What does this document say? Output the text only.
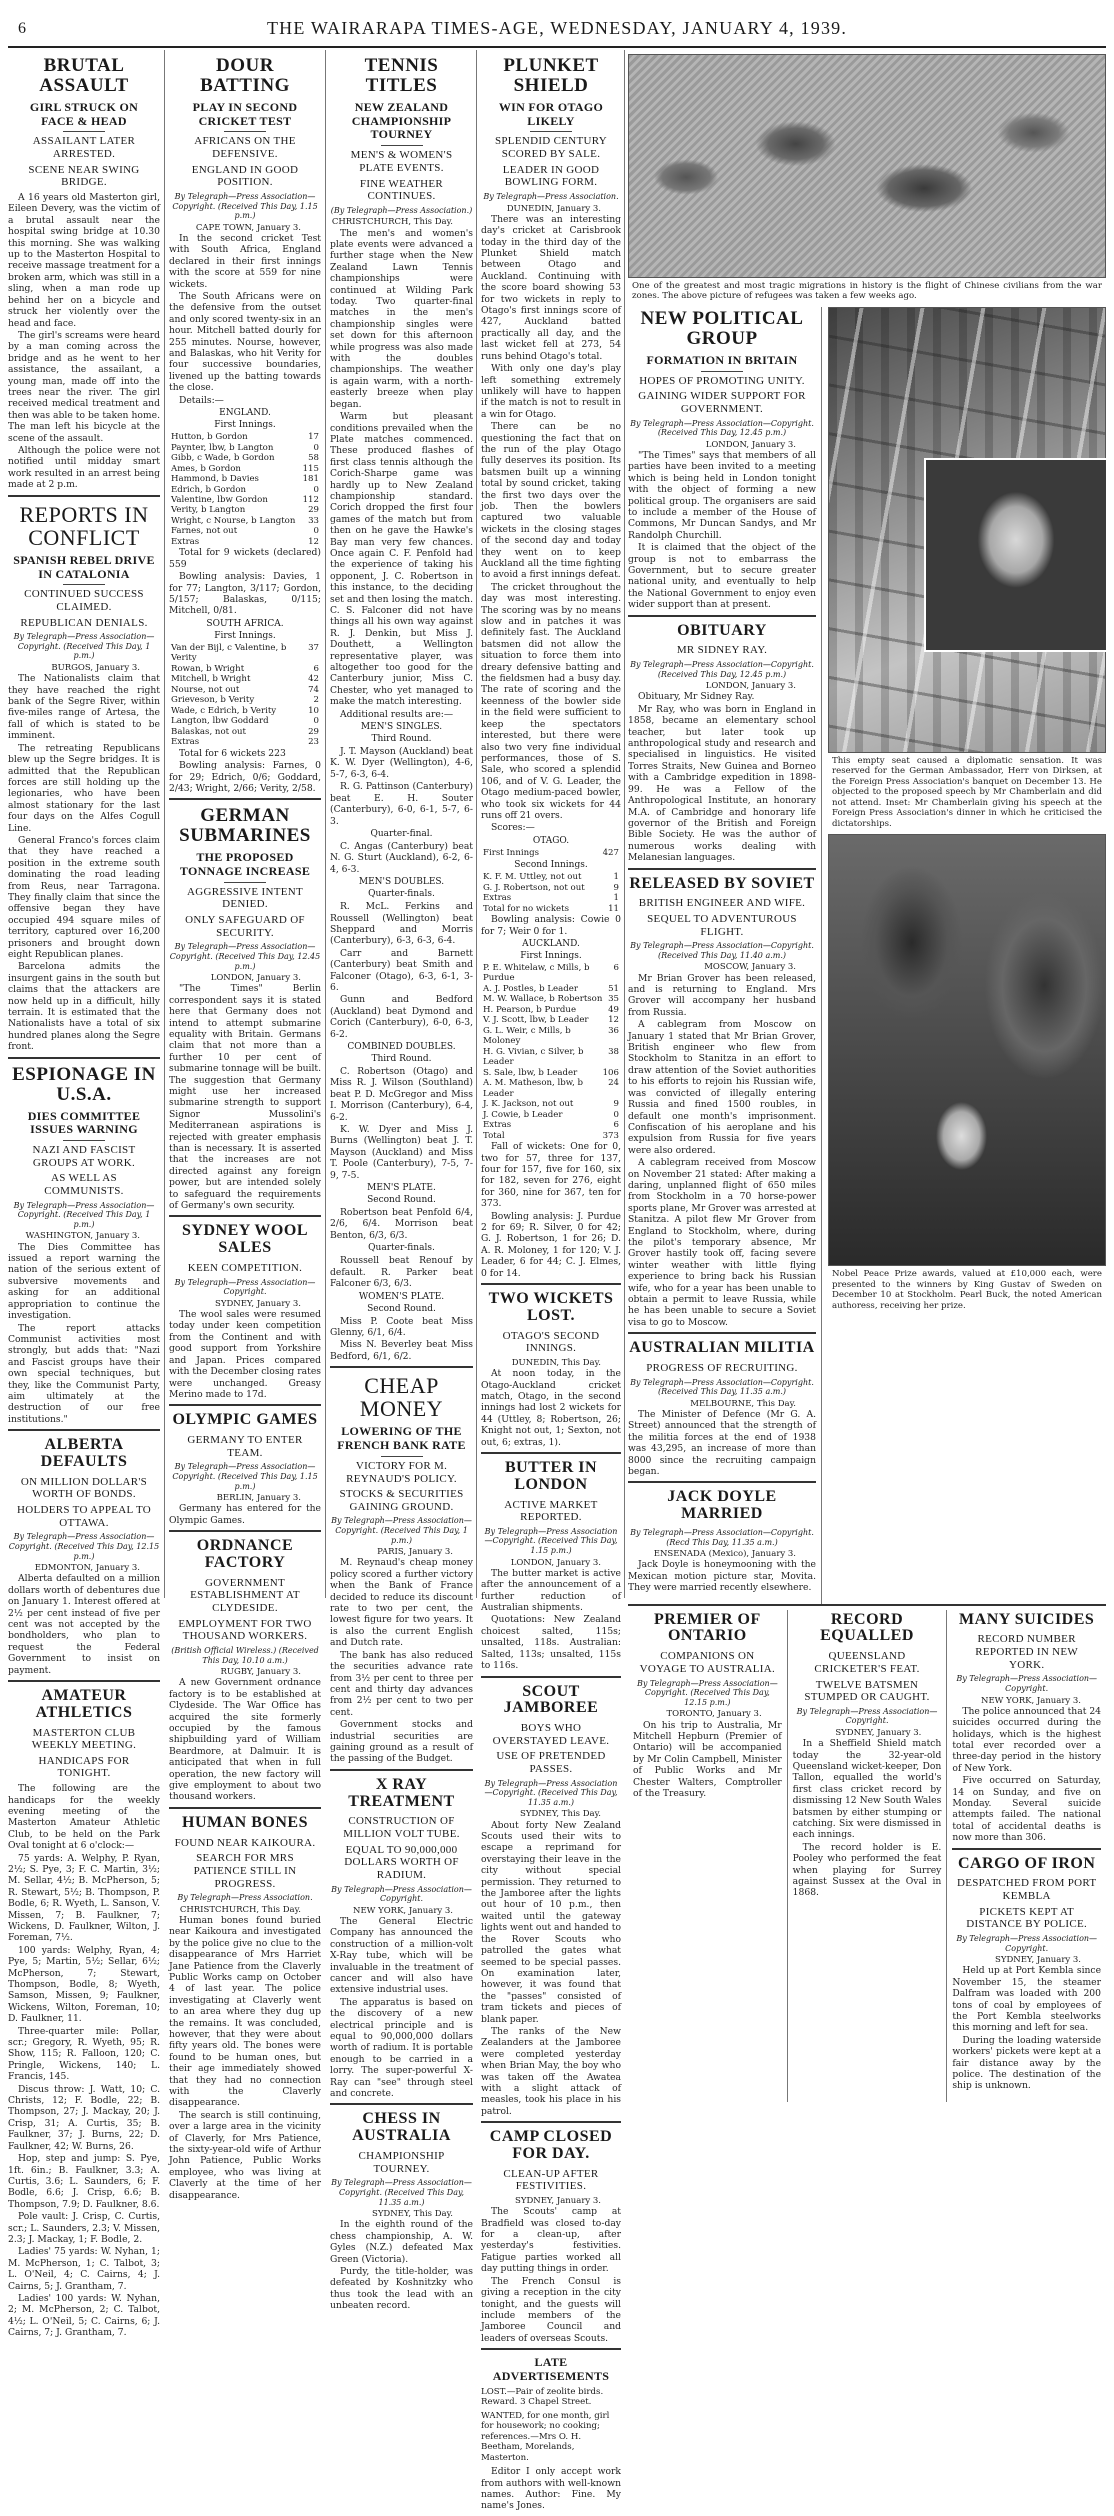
6	THE WAIRARAPA TIMES-AGE, WEDNESDAY, JANUARY 4, 1939.
BRUTAL ASSAULT
GIRL STRUCK ON FACE & HEAD
ASSAILANT LATER ARRESTED.
SCENE NEAR SWING BRIDGE.

A 16 years old Masterton girl, Eileen Devery, was the victim of a brutal assault near the hospital swing bridge at 10.30 this morning. She was walking up to the Masterton Hospital to receive massage treatment for a broken arm, which was still in a sling, when a man rode up behind her on a bicycle and struck her violently over the head and face.

The girl's screams were heard by a man coming across the bridge and as he went to her assistance, the assailant, a young man, made off into the trees near the river. The girl received medical treatment and then was able to be taken home. The man left his bicycle at the scene of the assault.

Although the police were not notified until midday smart work resulted in an arrest being made at 2 p.m.

REPORTS IN CONFLICT
SPANISH REBEL DRIVE IN CATALONIA
CONTINUED SUCCESS CLAIMED.
REPUBLICAN DENIALS.
By Telegraph—Press Association—Copyright. (Received This Day, 1 p.m.)
BURGOS, January 3.

The Nationalists claim that they have reached the right bank of the Segre River, within five-miles range of Artesa, the fall of which is stated to be imminent.

The retreating Republicans blew up the Segre bridges. It is admitted that the Republican forces are still holding up the legionaries, who have been almost stationary for the last four days on the Alfes Cogull Line.

General Franco's forces claim that they have reached a position in the extreme south dominating the road leading from Reus, near Tarragona. They finally claim that since the offensive began they have occupied 494 square miles of territory, captured over 16,200 prisoners and brought down eight Republican planes.

Barcelona admits the insurgent gains in the south but claims that the attackers are now held up in a difficult, hilly terrain. It is estimated that the Nationalists have a total of six hundred planes along the Segre front.

ESPIONAGE IN U.S.A.
DIES COMMITTEE ISSUES WARNING
NAZI AND FASCIST GROUPS AT WORK.
AS WELL AS COMMUNISTS.
By Telegraph—Press Association—Copyright. (Received This Day, 1 p.m.)
WASHINGTON, January 3.

The Dies Committee has issued a report warning the nation of the serious extent of subversive movements and asking for an additional appropriation to continue the investigation.

The report attacks Communist activities most strongly, but adds that: "Nazi and Fascist groups have their own special techniques, but they, like the Communist Party, aim ultimately at the destruction of our free institutions."

ALBERTA DEFAULTS
ON MILLION DOLLAR'S WORTH OF BONDS.
HOLDERS TO APPEAL TO OTTAWA.
By Telegraph—Press Association—Copyright. (Received This Day, 12.15 p.m.)
EDMONTON, January 3.

Alberta defaulted on a million dollars worth of debentures due on January 1. Interest offered at 2½ per cent instead of five per cent was not accepted by the bondholders, who plan to request the Federal Government to insist on payment.

AMATEUR ATHLETICS
MASTERTON CLUB WEEKLY MEETING.
HANDICAPS FOR TONIGHT.

The following are the handicaps for the weekly evening meeting of the Masterton Amateur Athletic Club, to be held on the Park Oval tonight at 6 o'clock:—

75 yards: A. Welphy, P. Ryan, 2½; S. Pye, 3; F. C. Martin, 3½; M. Sellar, 4½; B. McPherson, 5; R. Stewart, 5½; B. Thompson, P. Bodle, 6; R. Wyeth, L. Sanson, V. Missen, 7; B. Faulkner, 7; Wickens, D. Faulkner, Wilton, J. Foreman, 7½.

100 yards: Welphy, Ryan, 4; Pye, 5; Martin, 5½; Sellar, 6½; McPherson, 7; Stewart, Thompson, Bodle, 8; Wyeth, Samson, Missen, 9; Faulkner, Wickens, Wilton, Foreman, 10; D. Faulkner, 11.

Three-quarter mile: Pollar, scr.; Gregory, R. Wyeth, 95; R. Show, 115; R. Falloon, 120; C. Pringle, Wickens, 140; L. Francis, 145.

Discus throw: J. Watt, 10; C. Christs, 12; F. Bodle, 22; B. Thompson, 27; J. Mackay, 20; J. Crisp, 31; A. Curtis, 35; B. Faulkner, 37; J. Burns, 22; D. Faulkner, 42; W. Burns, 26.

Hop, step and jump: S. Pye, 1ft. 6in.; B. Faulkner, 3.3; A. Curtis, 3.6; L. Saunders, 6; F. Bodle, 6.6; J. Crisp, 6.6; B. Thompson, 7.9; D. Faulkner, 8.6.

Pole vault: J. Crisp, C. Curtis, scr.; L. Saunders, 2.3; V. Missen, 2.3; J. Mackay, 1; F. Bodle, 2.

Ladies' 75 yards: W. Nyhan, 1; M. McPherson, 1; C. Talbot, 3; L. O'Neil, 4; C. Cairns, 4; J. Cairns, 5; J. Grantham, 7.

Ladies' 100 yards: W. Nyhan, 2; M. McPherson, 2; C. Talbot, 4½; L. O'Neil, 5; C. Cairns, 6; J. Cairns, 7; J. Grantham, 7.

DOUR BATTING
PLAY IN SECOND CRICKET TEST
AFRICANS ON THE DEFENSIVE.
ENGLAND IN GOOD POSITION.
By Telegraph—Press Association—Copyright. (Received This Day, 1.15 p.m.)
CAPE TOWN, January 3.

In the second cricket Test with South Africa, England declared in their first innings with the score at 559 for nine wickets.

The South Africans were on the defensive from the outset and only scored twenty-six in an hour. Mitchell batted dourly for 255 minutes. Nourse, however, and Balaskas, who hit Verity for four successive boundaries, livened up the batting towards the close.

Details:—

ENGLAND.
First Innings.
Hutton, b Gordon	17
Paynter, lbw, b Langton	0
Gibb, c Wade, b Gordon	58
Ames, b Gordon	115
Hammond, b Davies	181
Edrich, b Gordon	0
Valentine, lbw Gordon	112
Verity, b Langton	29
Wright, c Nourse, b Langton 33
Farnes, not out	0
Extras	12

Total for 9 wickets (declared) 559

Bowling analysis: Davies, 1 for 77; Langton, 3/117; Gordon, 5/157; Balaskas, 0/115; Mitchell, 0/81.

SOUTH AFRICA.
First Innings.
Van der Bijl, c Valentine, b Verity
37
Rowan, b Wright	6
Mitchell, b Wright	42
Nourse, not out	74
Grieveson, b Verity	2
Wade, c Edrich, b Verity	10
Langton, lbw Goddard	0
Balaskas, not out	29
Extras	23

Total for 6 wickets 223

Bowling analysis: Farnes, 0 for 29; Edrich, 0/6; Goddard, 2/43; Wright, 2/66; Verity, 2/58.

GERMAN SUBMARINES
THE PROPOSED TONNAGE INCREASE
AGGRESSIVE INTENT DENIED.
ONLY SAFEGUARD OF SECURITY.
By Telegraph—Press Association—Copyright. (Received This Day, 12.45 p.m.)
LONDON, January 3.

"The Times" Berlin correspondent says it is stated here that Germany does not intend to attempt submarine equality with Britain. Germans claim that not more than a further 10 per cent of submarine tonnage will be built. The suggestion that Germany might use her increased submarine strength to support Signor Mussolini's Mediterranean aspirations is rejected with greater emphasis than is necessary. It is asserted that the increases are not directed against any foreign power, but are intended solely to safeguard the requirements of Germany's own security.

SYDNEY WOOL SALES
KEEN COMPETITION.
By Telegraph—Press Association—Copyright.
SYDNEY, January 3.

The wool sales were resumed today under keen competition from the Continent and with good support from Yorkshire and Japan. Prices compared with the December closing rates were unchanged. Greasy Merino made to 17d.

OLYMPIC GAMES
GERMANY TO ENTER TEAM.
By Telegraph—Press Association—Copyright. (Received This Day, 1.15 p.m.)
BERLIN, January 3.

Germany has entered for the Olympic Games.

ORDNANCE FACTORY
GOVERNMENT ESTABLISHMENT AT CLYDESIDE.
EMPLOYMENT FOR TWO THOUSAND WORKERS.
(British Official Wireless.) (Received This Day, 10.10 a.m.)
RUGBY, January 3.

A new Government ordnance factory is to be established at Clydeside. The War Office has acquired the site formerly occupied by the famous shipbuilding yard of William Beardmore, at Dalmuir. It is anticipated that when in full operation, the new factory will give employment to about two thousand workers.

HUMAN BONES
FOUND NEAR KAIKOURA.
SEARCH FOR MRS PATIENCE STILL IN PROGRESS.
By Telegraph—Press Association.
CHRISTCHURCH, This Day.

Human bones found buried near Kaikoura and investigated by the police give no clue to the disappearance of Mrs Harriet Jane Patience from the Claverly Public Works camp on October 4 of last year. The police investigating at Claverly went to an area where they dug up the remains. It was concluded, however, that they were about fifty years old. The bones were found to be human ones, but their age immediately showed that they had no connection with the Claverly disappearance.

The search is still continuing, over a large area in the vicinity of Claverly, for Mrs Patience, the sixty-year-old wife of Arthur John Patience, Public Works employee, who was living at Claverly at the time of her disappearance.

TENNIS TITLES
NEW ZEALAND CHAMPIONSHIP TOURNEY
MEN'S & WOMEN'S PLATE EVENTS.
FINE WEATHER CONTINUES.
(By Telegraph—Press Association.)
CHRISTCHURCH, This Day.

The men's and women's plate events were advanced a further stage when the New Zealand Lawn Tennis championships were continued at Wilding Park today. Two quarter-final matches in the men's championship singles were set down for this afternoon while progress was also made with the doubles championships. The weather is again warm, with a north-easterly breeze when play began.

Warm but pleasant conditions prevailed when the Plate matches commenced. These produced flashes of first class tennis although the Corich-Sharpe game was hardly up to New Zealand championship standard. Corich dropped the first four games of the match but from then on he gave the Hawke's Bay man very few chances. Once again C. F. Penfold had the experience of taking his opponent, J. C. Robertson in this instance, to the deciding set and then losing the match. C. S. Falconer did not have things all his own way against R. J. Denkin, but Miss J. Douthett, a Wellington representative player, was altogether too good for the Canterbury junior, Miss C. Chester, who yet managed to make the match interesting.

Additional results are:—

MEN'S SINGLES.
Third Round.

J. T. Mayson (Auckland) beat K. W. Dyer (Wellington), 4-6, 5-7, 6-3, 6-4.

R. G. Pattinson (Canterbury) beat E. H. Souter (Canterbury), 6-0, 6-1, 5-7, 6-3.

Quarter-final.

C. Angas (Canterbury) beat N. G. Sturt (Auckland), 6-2, 6-4, 6-3.

MEN'S DOUBLES.
Quarter-finals.

R. McL. Ferkins and Roussell (Wellington) beat Sheppard and Morris (Canterbury), 6-3, 6-3, 6-4.

Carr and Barnett (Canterbury) beat Smith and Falconer (Otago), 6-3, 6-1, 3-6.

Gunn and Bedford (Auckland) beat Dymond and Corich (Canterbury), 6-0, 6-3, 6-2.

COMBINED DOUBLES.
Third Round.

C. Robertson (Otago) and Miss R. J. Wilson (Southland) beat P. D. McGregor and Miss I. Morrison (Canterbury), 6-4, 6-2.

K. W. Dyer and Miss J. Burns (Wellington) beat J. T. Mayson (Auckland) and Miss T. Poole (Canterbury), 7-5, 7-9, 7-5.

MEN'S PLATE.
Second Round.

Robertson beat Penfold 6/4, 2/6, 6/4. Morrison beat Benton, 6/3, 6/3.

Quarter-finals.

Roussell beat Renouf by default. R. Parker beat Falconer 6/3, 6/3.

WOMEN'S PLATE.
Second Round.

Miss P. Coote beat Miss Glenny, 6/1, 6/4.

Miss N. Beverley beat Miss Bedford, 6/1, 6/2.

CHEAP MONEY
LOWERING OF THE FRENCH BANK RATE
VICTORY FOR M. REYNAUD'S POLICY.
STOCKS & SECURITIES GAINING GROUND.
By Telegraph—Press Association—Copyright. (Received This Day, 1 p.m.)
PARIS, January 3.

M. Reynaud's cheap money policy scored a further victory when the Bank of France decided to reduce its discount rate to two per cent, the lowest figure for two years. It is also the current English and Dutch rate.

The bank has also reduced the securities advance rate from 3½ per cent to three per cent and thirty day advances from 2½ per cent to two per cent.

Government stocks and industrial securities are gaining ground as a result of the passing of the Budget.

X RAY TREATMENT
CONSTRUCTION OF MILLION VOLT TUBE.
EQUAL TO 90,000,000 DOLLARS WORTH OF RADIUM.
By Telegraph—Press Association—Copyright.
NEW YORK, January 3.

The General Electric Company has announced the construction of a million-volt X-Ray tube, which will be invaluable in the treatment of cancer and will also have extensive industrial uses.

The apparatus is based on the discovery of a new electrical principle and is equal to 90,000,000 dollars worth of radium. It is portable enough to be carried in a lorry. The super-powerful X-Ray can "see" through steel and concrete.

CHESS IN AUSTRALIA
CHAMPIONSHIP TOURNEY.
By Telegraph—Press Association—Copyright. (Received This Day, 11.35 a.m.)
SYDNEY, This Day.

In the eighth round of the chess championship, A. W. Gyles (N.Z.) defeated Max Green (Victoria).

Purdy, the title-holder, was defeated by Koshnitzky who thus took the lead with an unbeaten record.

PLUNKET SHIELD
WIN FOR OTAGO LIKELY
SPLENDID CENTURY SCORED BY SALE.
LEADER IN GOOD BOWLING FORM.
By Telegraph—Press Association.
DUNEDIN, January 3.

There was an interesting day's cricket at Carisbrook today in the third day of the Plunket Shield match between Otago and Auckland. Continuing with the score board showing 53 for two wickets in reply to Otago's first innings score of 427, Auckland batted practically all day, and the last wicket fell at 273, 54 runs behind Otago's total.

With only one day's play left something extremely unlikely will have to happen if the match is not to result in a win for Otago.

There can be no questioning the fact that on the run of the play Otago fully deserves its position. Its batsmen built up a winning total by sound cricket, taking the first two days over the job. Then the bowlers captured two valuable wickets in the closing stages of the second day and today they went on to keep Auckland all the time fighting to avoid a first innings defeat.

The cricket throughout the day was most interesting. The scoring was by no means slow and in patches it was definitely fast. The Auckland batsmen did not allow the situation to force them into dreary defensive batting and the fieldsmen had a busy day. The rate of scoring and the keenness of the bowler side in the field were sufficient to keep the spectators interested, but there were also two very fine individual performances, those of S. Sale, who scored a splendid 106, and of V. G. Leader, the Otago medium-paced bowler, who took six wickets for 44 runs off 21 overs.

Scores:—

OTAGO.
First Innings	427
Second Innings.
K. F. M. Uttley, not out	1
G. J. Robertson, not out	9
Extras	1
Total for no wickets	11

Bowling analysis: Cowie 0 for 7; Weir 0 for 1.

AUCKLAND.
First Innings.
P. E. Whitelaw, c Mills, b Purdue
6
A. J. Postles, b Leader	51
M. W. Wallace, b Robertson 35
H. Pearson, b Purdue	49
V. J. Scott, lbw, b Leader 12
G. L. Weir, c Mills, b Moloney
36
H. G. Vivian, c Silver, b Leader
38
S. Sale, lbw, b Leader	106
A. M. Matheson, lbw, b Leader
24
J. K. Jackson, not out	9
J. Cowie, b Leader	0
Extras	6
Total	373

Fall of wickets: One for 0, two for 57, three for 137, four for 157, five for 160, six for 182, seven for 276, eight for 360, nine for 367, ten for 373.

Bowling analysis: J. Purdue 2 for 69; R. Silver, 0 for 42; G. J. Robertson, 1 for 26; D. A. R. Moloney, 1 for 120; V. J. Leader, 6 for 44; C. J. Elmes, 0 for 14.

TWO WICKETS LOST.
OTAGO'S SECOND INNINGS.
DUNEDIN, This Day.

At noon today, in the Otago-Auckland cricket match, Otago, in the second innings had lost 2 wickets for 44 (Uttley, 8; Robertson, 26; Knight not out, 1; Sexton, not out, 6; extras, 1).

BUTTER IN LONDON
ACTIVE MARKET REPORTED.
By Telegraph—Press Association—Copyright. (Received This Day, 1.15 p.m.)
LONDON, January 3.

The butter market is active after the announcement of a further reduction of Australian shipments.

Quotations: New Zealand choicest salted, 115s; unsalted, 118s. Australian: Salted, 113s; unsalted, 115s to 116s.

SCOUT JAMBOREE
BOYS WHO OVERSTAYED LEAVE.
USE OF PRETENDED PASSES.
By Telegraph—Press Association—Copyright. (Received This Day, 11.35 a.m.)
SYDNEY, This Day.

About forty New Zealand Scouts used their wits to escape a reprimand for overstaying their leave in the city without special permission. They returned to the Jamboree after the lights out hour of 10 p.m., then waited until the gateway lights went out and handed to the Rover Scouts who patrolled the gates what seemed to be special passes. On examination later, however, it was found that the "passes" consisted of tram tickets and pieces of blank paper.

The ranks of the New Zealanders at the Jamboree were completed yesterday when Brian May, the boy who was taken off the Awatea with a slight attack of measles, took his place in his patrol.

CAMP CLOSED FOR DAY.
CLEAN-UP AFTER FESTIVITIES.
SYDNEY, January 3.

The Scouts' camp at Bradfield was closed to-day for a clean-up, after yesterday's festivities. Fatigue parties worked all day putting things in order.

The French Consul is giving a reception in the city tonight, and the guests will include members of the Jamboree Council and leaders of overseas Scouts.

LATE ADVERTISEMENTS

LOST.—Pair of zeolite birds. Reward. 3 Chapel Street.

WANTED, for one month, girl for housework; no cooking; references.—Mrs O. H. Beetham, Morelands, Masterton.

Editor I only accept work from authors with well-known names. Author: Fine. My name's Jones.

One of the greatest and most tragic migrations in history is the flight of Chinese civilians from the war zones. The above picture of refugees was taken a few weeks ago.
NEW POLITICAL GROUP
FORMATION IN BRITAIN
HOPES OF PROMOTING UNITY.
GAINING WIDER SUPPORT FOR GOVERNMENT.
By Telegraph—Press Association—Copyright. (Received This Day, 12.45 p.m.)
LONDON, January 3.

"The Times" says that members of all parties have been invited to a meeting which is being held in London tonight with the object of forming a new political group. The organisers are said to include a member of the House of Commons, Mr Duncan Sandys, and Mr Randolph Churchill.

It is claimed that the object of the group is not to embarrass the Government, but to secure greater national unity, and eventually to help the National Government to enjoy even wider support than at present.

OBITUARY
MR SIDNEY RAY.
By Telegraph—Press Association—Copyright. (Received This Day, 12.45 p.m.)
LONDON, January 3.

Obituary, Mr Sidney Ray.

Mr Ray, who was born in England in 1858, became an elementary school teacher, but later took up anthropological study and research and specialised in linguistics. He visited Torres Straits, New Guinea and Borneo with a Cambridge expedition in 1898-99. He was a Fellow of the Anthropological Institute, an honorary M.A. of Cambridge and honorary life governor of the British and Foreign Bible Society. He was the author of numerous works dealing with Melanesian languages.

RELEASED BY SOVIET
BRITISH ENGINEER AND WIFE.
SEQUEL TO ADVENTUROUS FLIGHT.
By Telegraph—Press Association—Copyright. (Received This Day, 11.40 a.m.)
MOSCOW, January 3.

Mr Brian Grover has been released, and is returning to England. Mrs Grover will accompany her husband from Russia.

A cablegram from Moscow on January 1 stated that Mr Brian Grover, British engineer who flew from Stockholm to Stanitza in an effort to draw attention of the Soviet authorities to his efforts to rejoin his Russian wife, was convicted of illegally entering Russia and fined 1500 roubles, in default one month's imprisonment. Confiscation of his aeroplane and his expulsion from Russia for five years were also ordered.

A cablegram received from Moscow on November 21 stated: After making a daring, unplanned flight of 650 miles from Stockholm in a 70 horse-power sports plane, Mr Grover was arrested at Stanitza. A pilot flew Mr Grover from England to Stockholm, where, during the pilot's temporary absence, Mr Grover hastily took off, facing severe winter weather with little flying experience to bring back his Russian wife, who for a year has been unable to obtain a permit to leave Russia, while he has been unable to secure a Soviet visa to go to Moscow.

AUSTRALIAN MILITIA
PROGRESS OF RECRUITING.
By Telegraph—Press Association—Copyright. (Received This Day, 11.35 a.m.)
MELBOURNE, This Day.

The Minister of Defence (Mr G. A. Street) announced that the strength of the militia forces at the end of 1938 was 43,295, an increase of more than 8000 since the recruiting campaign began.

JACK DOYLE MARRIED
By Telegraph—Press Association—Copyright. (Recd This Day, 11.35 a.m.)
ENSENADA (Mexico), January 3.

Jack Doyle is honeymooning with the Mexican motion picture star, Movita. They were married recently elsewhere.

This empty seat caused a diplomatic sensation. It was reserved for the German Ambassador, Herr von Dirksen, at the Foreign Press Association's banquet on December 13. He objected to the proposed speech by Mr Chamberlain and did not attend. Inset: Mr Chamberlain giving his speech at the Foreign Press Association's dinner in which he criticised the dictatorships.
Nobel Peace Prize awards, valued at £10,000 each, were presented to the winners by King Gustav of Sweden on December 10 at Stockholm. Pearl Buck, the noted American authoress, receiving her prize.
PREMIER OF ONTARIO
COMPANIONS ON VOYAGE TO AUSTRALIA.
By Telegraph—Press Association—Copyright. (Received This Day, 12.15 p.m.)
TORONTO, January 3.

On his trip to Australia, Mr Mitchell Hepburn (Premier of Ontario) will be accompanied by Mr Colin Campbell, Minister of Public Works and Mr Chester Walters, Comptroller of the Treasury.

RECORD EQUALLED
QUEENSLAND CRICKETER'S FEAT.
TWELVE BATSMEN STUMPED OR CAUGHT.
By Telegraph—Press Association—Copyright.
SYDNEY, January 3.

In a Sheffield Shield match today the 32-year-old Queensland wicket-keeper, Don Tallon, equalled the world's first class cricket record by dismissing 12 New South Wales batsmen by either stumping or catching. Six were dismissed in each innings.

The record holder is E. Pooley who performed the feat when playing for Surrey against Sussex at the Oval in 1868.

MANY SUICIDES
RECORD NUMBER REPORTED IN NEW YORK.
By Telegraph—Press Association—Copyright.
NEW YORK, January 3.

The police announced that 24 suicides occurred during the holidays, which is the highest total ever recorded over a three-day period in the history of New York.

Five occurred on Saturday, 14 on Sunday, and five on Monday. Several suicide attempts failed. The national total of accidental deaths is now more than 306.

CARGO OF IRON
DESPATCHED FROM PORT KEMBLA
PICKETS KEPT AT DISTANCE BY POLICE.
By Telegraph—Press Association—Copyright.
SYDNEY, January 3.

Held up at Port Kembla since November 15, the steamer Dalfram was loaded with 200 tons of coal by employees of the Port Kembla steelworks this morning and left for sea.

During the loading waterside workers' pickets were kept at a fair distance away by the police. The destination of the ship is unknown.
